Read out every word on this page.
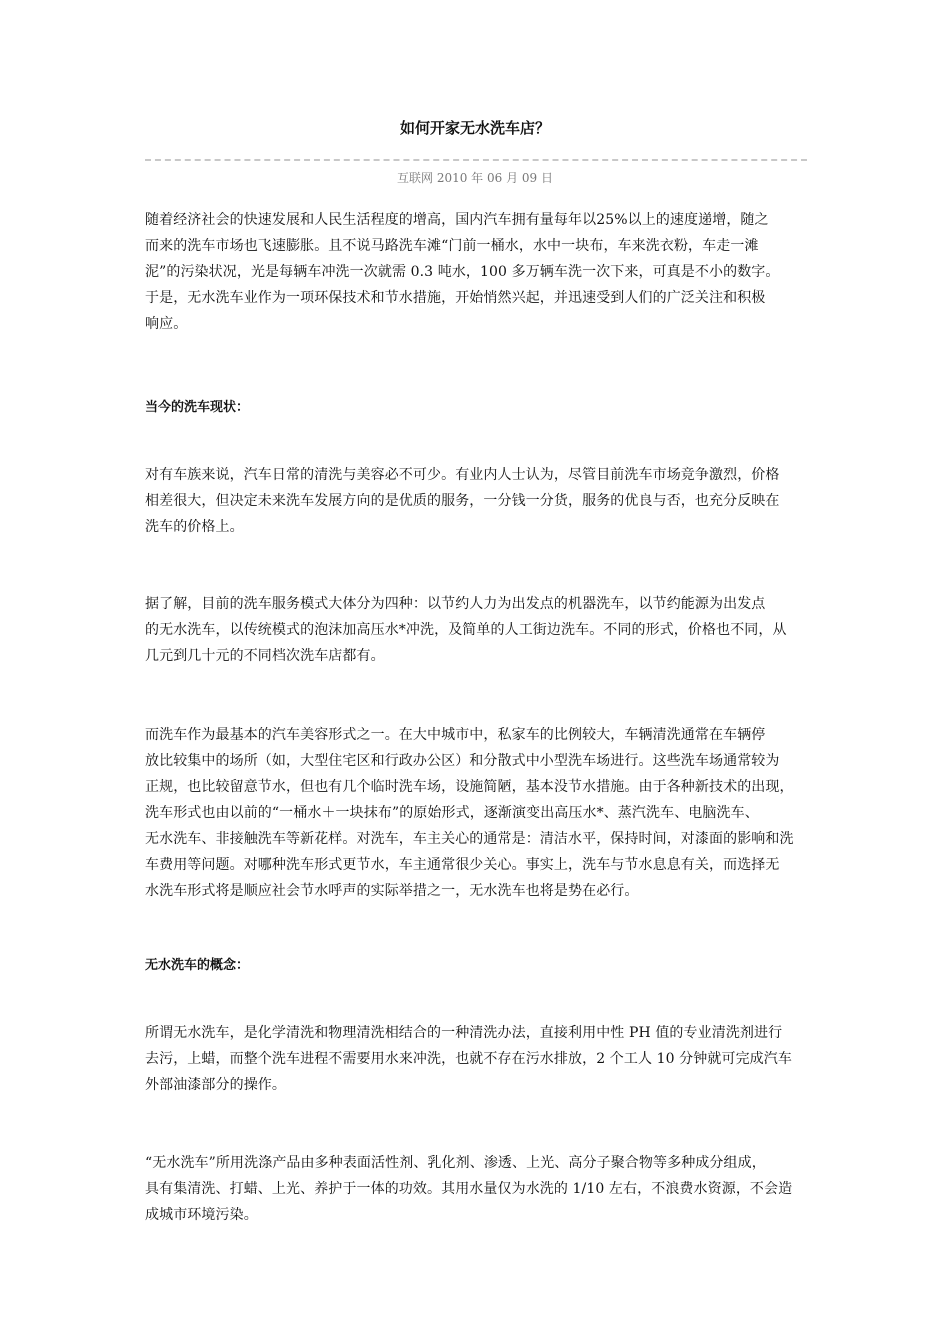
如何开家无水洗车店？
互联网 2010 年 06 月 09 日
随着经济社会的快速发展和人民生活程度的增高，国内汽车拥有量每年以25%以上的速度递增，随之
而来的洗车市场也飞速膨胀。且不说马路洗车滩“门前一桶水，水中一块布，车来洗衣粉，车走一滩
泥”的污染状况，光是每辆车冲洗一次就需 0.3 吨水，100 多万辆车洗一次下来，可真是不小的数字。
于是，无水洗车业作为一项环保技术和节水措施，开始悄然兴起，并迅速受到人们的广泛关注和积极
响应。
当今的洗车现状：
对有车族来说，汽车日常的清洗与美容必不可少。有业内人士认为，尽管目前洗车市场竞争激烈，价格
相差很大，但决定未来洗车发展方向的是优质的服务，一分钱一分货，服务的优良与否，也充分反映在
洗车的价格上。
据了解，目前的洗车服务模式大体分为四种：以节约人力为出发点的机器洗车，以节约能源为出发点
的无水洗车，以传统模式的泡沫加高压水*冲洗，及简单的人工街边洗车。不同的形式，价格也不同，从
几元到几十元的不同档次洗车店都有。
而洗车作为最基本的汽车美容形式之一。在大中城市中，私家车的比例较大，车辆清洗通常在车辆停
放比较集中的场所（如，大型住宅区和行政办公区）和分散式中小型洗车场进行。这些洗车场通常较为
正规，也比较留意节水，但也有几个临时洗车场，设施简陋，基本没节水措施。由于各种新技术的出现，
洗车形式也由以前的“一桶水＋一块抹布”的原始形式，逐渐演变出高压水*、蒸汽洗车、电脑洗车、
无水洗车、非接触洗车等新花样。对洗车，车主关心的通常是：清洁水平，保持时间，对漆面的影响和洗
车费用等问题。对哪种洗车形式更节水，车主通常很少关心。事实上，洗车与节水息息有关，而选择无
水洗车形式将是顺应社会节水呼声的实际举措之一，无水洗车也将是势在必行。
无水洗车的概念：
所谓无水洗车，是化学清洗和物理清洗相结合的一种清洗办法，直接利用中性 PH 值的专业清洗剂进行
去污，上蜡，而整个洗车进程不需要用水来冲洗，也就不存在污水排放，2 个工人 10 分钟就可完成汽车
外部油漆部分的操作。
“无水洗车”所用洗涤产品由多种表面活性剂、乳化剂、渗透、上光、高分子聚合物等多种成分组成，
具有集清洗、打蜡、上光、养护于一体的功效。其用水量仅为水洗的 1/10 左右，不浪费水资源，不会造
成城市环境污染。
